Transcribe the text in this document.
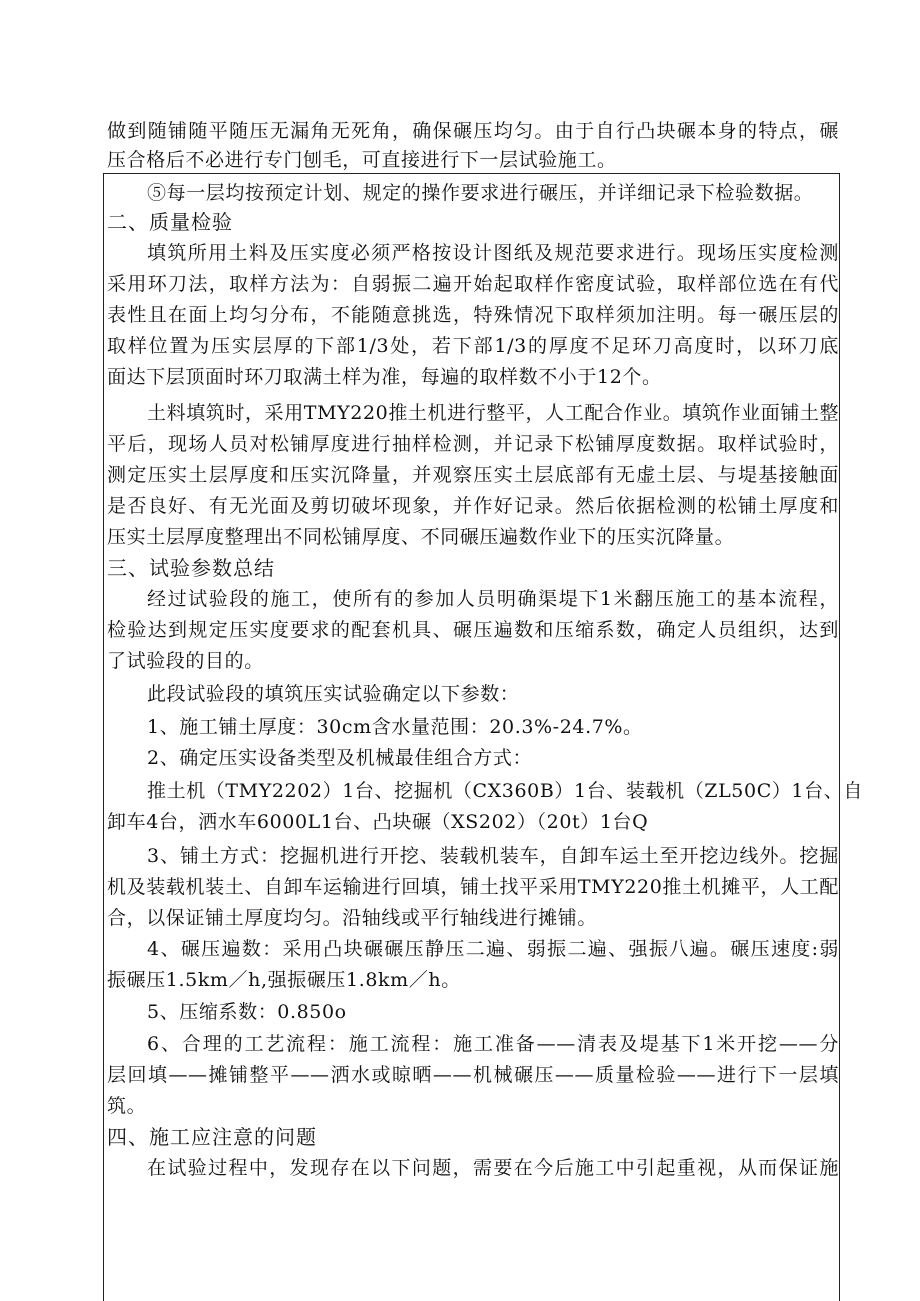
做到随铺随平随压无漏角无死角，确保碾压均匀。由于自行凸块碾本身的特点，碾
压合格后不必进行专门刨毛，可直接进行下一层试验施工。
⑤每一层均按预定计划、规定的操作要求进行碾压，并详细记录下检验数据。
二、质量检验
填筑所用土料及压实度必须严格按设计图纸及规范要求进行。现场压实度检测
采用环刀法，取样方法为：自弱振二遍开始起取样作密度试验，取样部位选在有代
表性且在面上均匀分布，不能随意挑选，特殊情况下取样须加注明。每一碾压层的
取样位置为压实层厚的下部1/3处，若下部1/3的厚度不足环刀高度时，以环刀底
面达下层顶面时环刀取满土样为准，每遍的取样数不小于12个。
土料填筑时，采用TMY220推土机进行整平，人工配合作业。填筑作业面铺土整
平后，现场人员对松铺厚度进行抽样检测，并记录下松铺厚度数据。取样试验时，
测定压实土层厚度和压实沉降量，并观察压实土层底部有无虚土层、与堤基接触面
是否良好、有无光面及剪切破坏现象，并作好记录。然后依据检测的松铺土厚度和
压实土层厚度整理出不同松铺厚度、不同碾压遍数作业下的压实沉降量。
三、试验参数总结
经过试验段的施工，使所有的参加人员明确渠堤下1米翻压施工的基本流程，
检验达到规定压实度要求的配套机具、碾压遍数和压缩系数，确定人员组织，达到
了试验段的目的。
此段试验段的填筑压实试验确定以下参数：
1、施工铺土厚度：30cm含水量范围：20.3%-24.7%。
2、确定压实设备类型及机械最佳组合方式：
推土机（TMY2202）1台、挖掘机（CX360B）1台、装载机（ZL50C）1台、自
卸车4台，洒水车6000L1台、凸块碾（XS202）（20t）1台Q
3、铺土方式：挖掘机进行开挖、装载机装车，自卸车运土至开挖边线外。挖掘
机及装载机装土、自卸车运输进行回填，铺土找平采用TMY220推土机摊平，人工配
合，以保证铺土厚度均匀。沿轴线或平行轴线进行摊铺。
4、碾压遍数：采用凸块碾碾压静压二遍、弱振二遍、强振八遍。碾压速度:弱
振碾压1.5km／h,强振碾压1.8km／h。
5、压缩系数：0.850o
6、合理的工艺流程：施工流程：施工准备——清表及堤基下1米开挖——分
层回填——摊铺整平——洒水或晾晒——机械碾压——质量检验——进行下一层填
筑。
四、施工应注意的问题
在试验过程中，发现存在以下问题，需要在今后施工中引起重视，从而保证施
